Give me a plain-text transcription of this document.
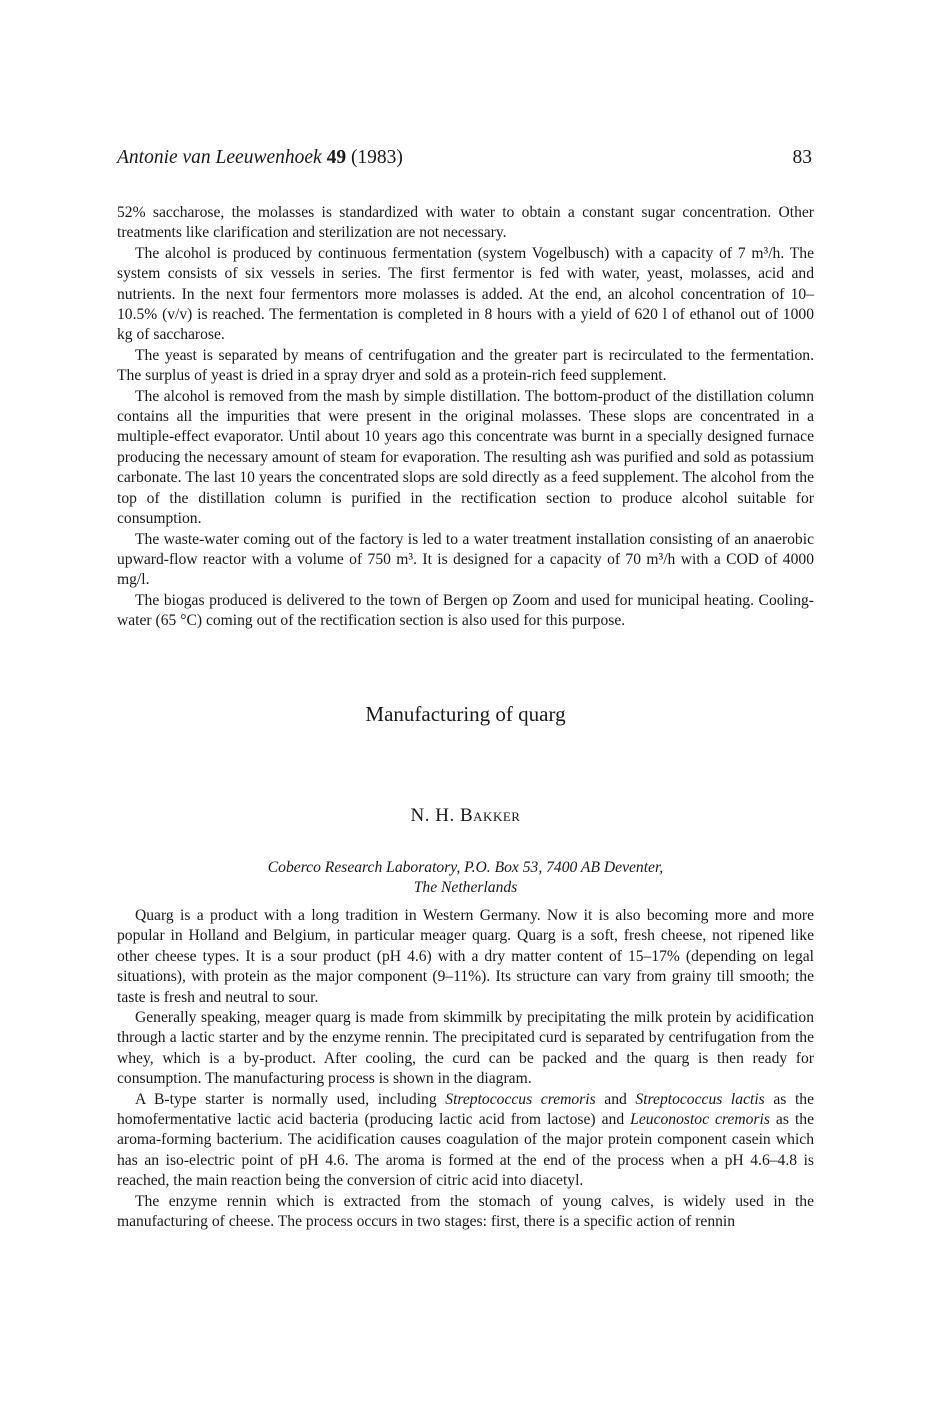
Antonie van Leeuwenhoek 49 (1983)	83

52% saccharose, the molasses is standardized with water to obtain a constant sugar concentration. Other treatments like clarification and sterilization are not necessary.

The alcohol is produced by continuous fermentation (system Vogelbusch) with a capacity of 7 m³/h. The system consists of six vessels in series. The first fermentor is fed with water, yeast, molasses, acid and nutrients. In the next four fermentors more molasses is added. At the end, an alcohol concentration of 10–10.5% (v/v) is reached. The fermentation is completed in 8 hours with a yield of 620 l of ethanol out of 1000 kg of saccharose.

The yeast is separated by means of centrifugation and the greater part is recirculated to the fermentation. The surplus of yeast is dried in a spray dryer and sold as a protein-rich feed supplement.

The alcohol is removed from the mash by simple distillation. The bottom-product of the distillation column contains all the impurities that were present in the original molasses. These slops are concentrated in a multiple-effect evaporator. Until about 10 years ago this concentrate was burnt in a specially designed furnace producing the necessary amount of steam for evaporation. The resulting ash was purified and sold as potassium carbonate. The last 10 years the concentrated slops are sold directly as a feed supplement. The alcohol from the top of the distillation column is purified in the rectification section to produce alcohol suitable for consumption.

The waste-water coming out of the factory is led to a water treatment installation consisting of an anaerobic upward-flow reactor with a volume of 750 m³. It is designed for a capacity of 70 m³/h with a COD of 4000 mg/l.

The biogas produced is delivered to the town of Bergen op Zoom and used for municipal heating. Cooling-water (65 °C) coming out of the rectification section is also used for this purpose.

Manufacturing of quarg
N. H. Bakker
Coberco Research Laboratory, P.O. Box 53, 7400 AB Deventer,
The Netherlands

Quarg is a product with a long tradition in Western Germany. Now it is also becoming more and more popular in Holland and Belgium, in particular meager quarg. Quarg is a soft, fresh cheese, not ripened like other cheese types. It is a sour product (pH 4.6) with a dry matter content of 15–17% (depending on legal situations), with protein as the major component (9–11%). Its structure can vary from grainy till smooth; the taste is fresh and neutral to sour.

Generally speaking, meager quarg is made from skimmilk by precipitating the milk protein by acidification through a lactic starter and by the enzyme rennin. The precipitated curd is separated by centrifugation from the whey, which is a by-product. After cooling, the curd can be packed and the quarg is then ready for consumption. The manufacturing process is shown in the diagram.

A B-type starter is normally used, including Streptococcus cremoris and Streptococcus lactis as the homofermentative lactic acid bacteria (producing lactic acid from lactose) and Leuconostoc cremoris as the aroma-forming bacterium. The acidification causes coagulation of the major protein component casein which has an iso-electric point of pH 4.6. The aroma is formed at the end of the process when a pH 4.6–4.8 is reached, the main reaction being the conversion of citric acid into diacetyl.

The enzyme rennin which is extracted from the stomach of young calves, is widely used in the manufacturing of cheese. The process occurs in two stages: first, there is a specific action of rennin
